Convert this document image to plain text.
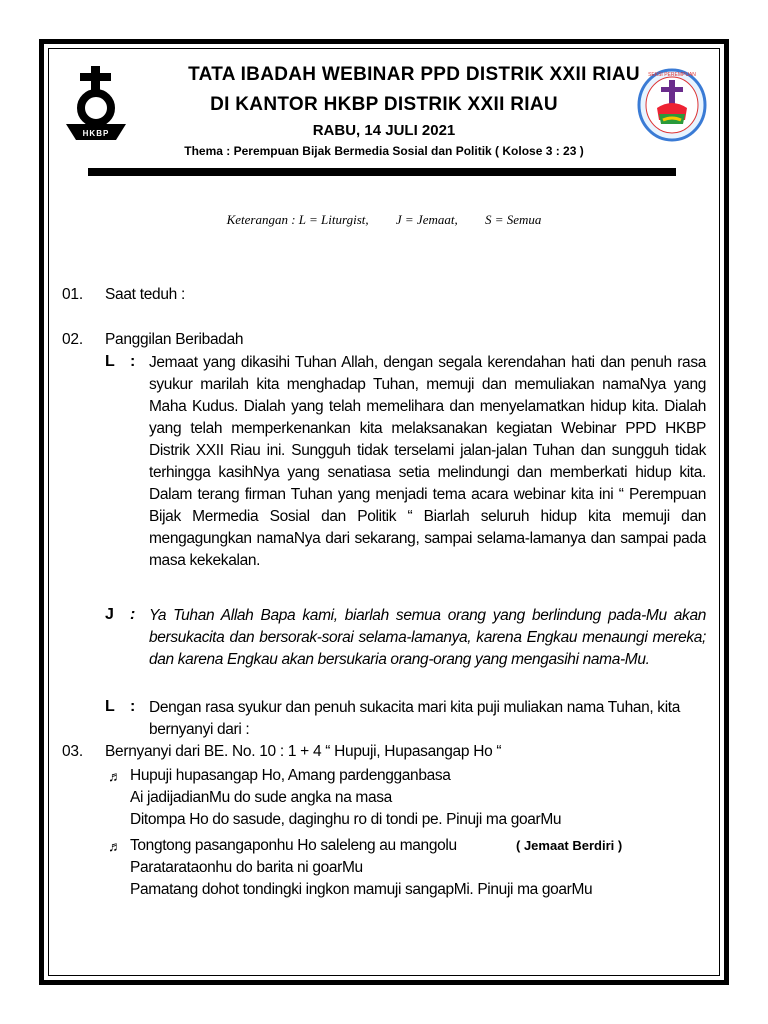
HKBP
SEKSI PEREMPUAN
TATA IBADAH WEBINAR PPD DISTRIK XXII RIAU
DI KANTOR HKBP DISTRIK XXII RIAU
RABU, 14 JULI 2021
Thema : Perempuan Bijak Bermedia Sosial dan Politik ( Kolose 3 : 23 )
Keterangan : L = Liturgist, J = Jemaat, S = Semua
01. Saat teduh :
02. Panggilan Beribadah
L : Jemaat yang dikasihi Tuhan Allah, dengan segala kerendahan hati dan penuh rasa syukur marilah kita menghadap Tuhan, memuji dan memuliakan namaNya yang Maha Kudus. Dialah yang telah memelihara dan menyelamatkan hidup kita. Dialah yang telah memperkenankan kita melaksanakan kegiatan Webinar PPD HKBP Distrik XXII Riau ini. Sungguh tidak terselami jalan-jalan Tuhan dan sungguh tidak terhingga kasihNya yang senatiasa setia melindungi dan memberkati hidup kita. Dalam terang firman Tuhan yang menjadi tema acara webinar kita ini “ Perempuan Bijak Mermedia Sosial dan Politik “ Biarlah seluruh hidup kita memuji dan mengagungkan namaNya dari sekarang, sampai selama-lamanya dan sampai pada masa kekekalan.
J : Ya Tuhan Allah Bapa kami, biarlah semua orang yang berlindung pada-Mu akan bersukacita dan bersorak-sorai selama-lamanya, karena Engkau menaungi mereka; dan karena Engkau akan bersukaria orang-orang yang mengasihi nama-Mu.
L : Dengan rasa syukur dan penuh sukacita mari kita puji muliakan nama Tuhan, kita bernyanyi dari :
03. Bernyanyi dari BE. No. 10 : 1 + 4 “ Hupuji, Hupasangap Ho “
♬ Hupuji hupasangap Ho, Amang pardengganbasa
Ai jadijadianMu do sude angka na masa
Ditompa Ho do sasude, daginghu ro di tondi pe. Pinuji ma goarMu
♬ Tongtong pasangaponhu Ho saleleng au mangolu	( Jemaat Berdiri )
Paratarataonhu do barita ni goarMu
Pamatang dohot tondingki ingkon mamuji sangapMi. Pinuji ma goarMu
